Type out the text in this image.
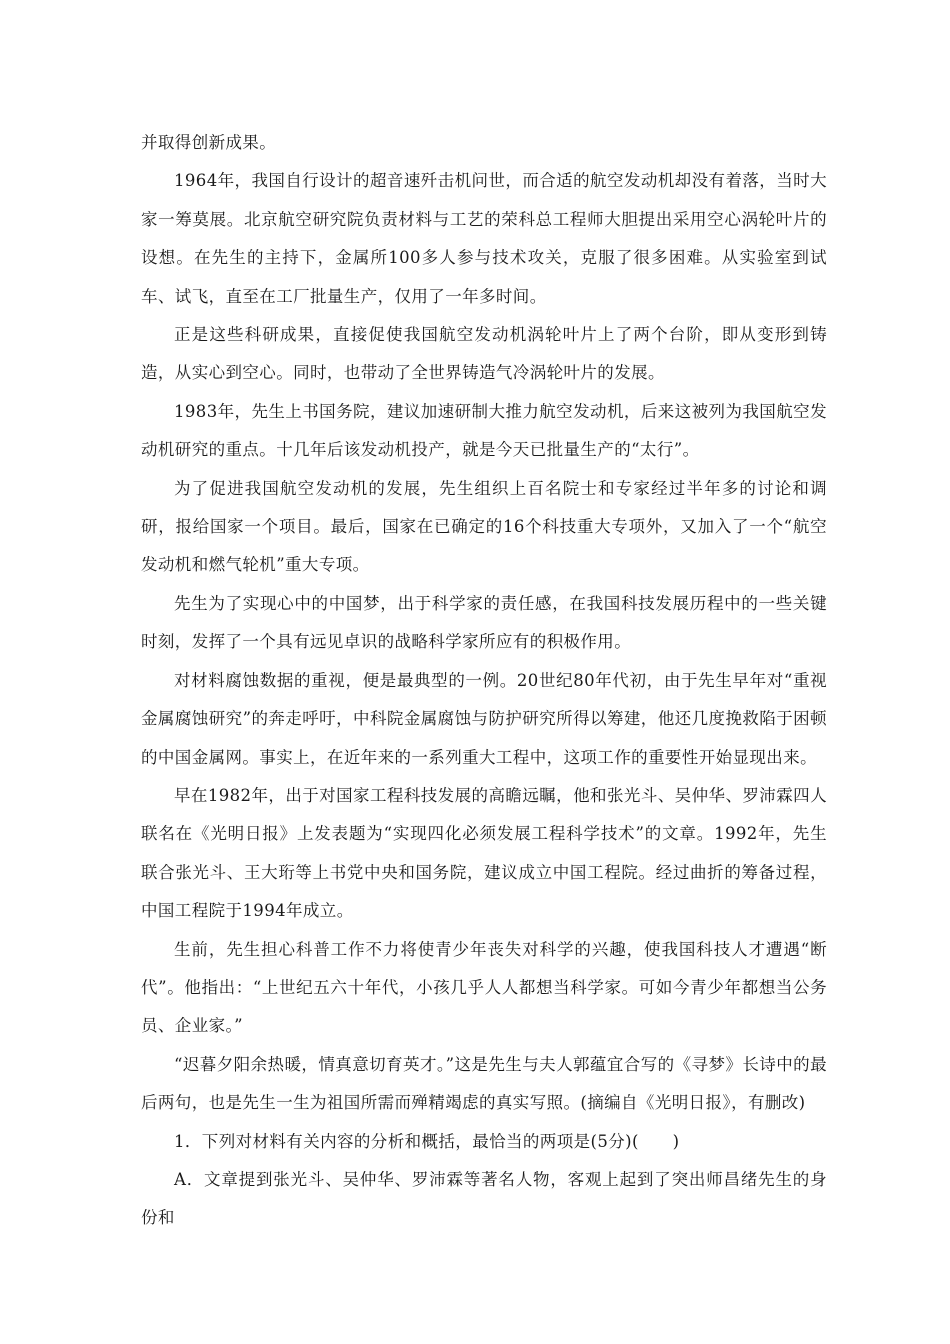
并取得创新成果。

1964年，我国自行设计的超音速歼击机问世，而合适的航空发动机却没有着落，当时大家一筹莫展。北京航空研究院负责材料与工艺的荣科总工程师大胆提出采用空心涡轮叶片的设想。在先生的主持下，金属所100多人参与技术攻关，克服了很多困难。从实验室到试车、试飞，直至在工厂批量生产，仅用了一年多时间。

正是这些科研成果，直接促使我国航空发动机涡轮叶片上了两个台阶，即从变形到铸造，从实心到空心。同时，也带动了全世界铸造气冷涡轮叶片的发展。

1983年，先生上书国务院，建议加速研制大推力航空发动机，后来这被列为我国航空发动机研究的重点。十几年后该发动机投产，就是今天已批量生产的“太行”。

为了促进我国航空发动机的发展，先生组织上百名院士和专家经过半年多的讨论和调研，报给国家一个项目。最后，国家在已确定的16个科技重大专项外，又加入了一个“航空发动机和燃气轮机”重大专项。

先生为了实现心中的中国梦，出于科学家的责任感，在我国科技发展历程中的一些关键时刻，发挥了一个具有远见卓识的战略科学家所应有的积极作用。

对材料腐蚀数据的重视，便是最典型的一例。20世纪80年代初，由于先生早年对“重视金属腐蚀研究”的奔走呼吁，中科院金属腐蚀与防护研究所得以筹建，他还几度挽救陷于困顿的中国金属网。事实上，在近年来的一系列重大工程中，这项工作的重要性开始显现出来。

早在1982年，出于对国家工程科技发展的高瞻远瞩，他和张光斗、吴仲华、罗沛霖四人联名在《光明日报》上发表题为“实现四化必须发展工程科学技术”的文章。1992年，先生联合张光斗、王大珩等上书党中央和国务院，建议成立中国工程院。经过曲折的筹备过程，中国工程院于1994年成立。

生前，先生担心科普工作不力将使青少年丧失对科学的兴趣，使我国科技人才遭遇“断代”。他指出：“上世纪五六十年代，小孩几乎人人都想当科学家。可如今青少年都想当公务员、企业家。”

“迟暮夕阳余热暖，情真意切育英才。”这是先生与夫人郭蕴宜合写的《寻梦》长诗中的最后两句，也是先生一生为祖国所需而殚精竭虑的真实写照。(摘编自《光明日报》，有删改)

1．下列对材料有关内容的分析和概括，最恰当的两项是(5分)(　　)

A．文章提到张光斗、吴仲华、罗沛霖等著名人物，客观上起到了突出师昌绪先生的身份和
